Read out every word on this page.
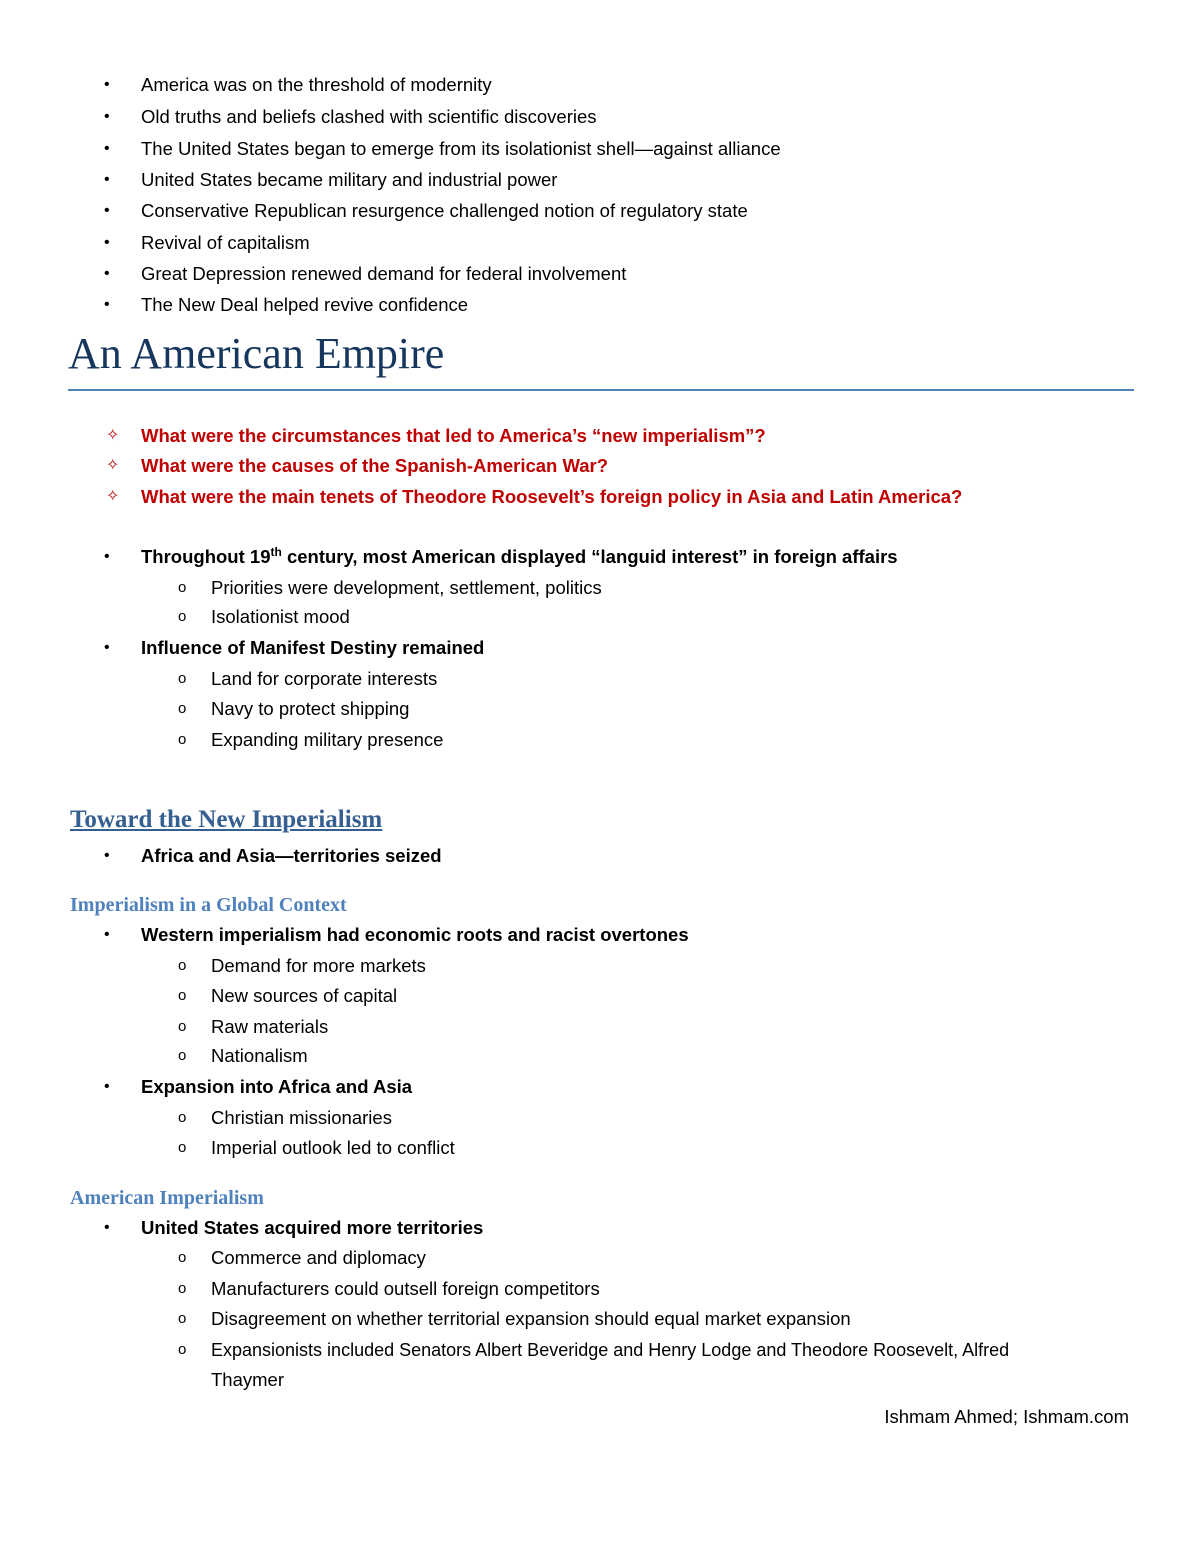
• America was on the threshold of modernity
• Old truths and beliefs clashed with scientific discoveries
• The United States began to emerge from its isolationist shell—against alliance
• United States became military and industrial power
• Conservative Republican resurgence challenged notion of regulatory state
• Revival of capitalism
• Great Depression renewed demand for federal involvement
• The New Deal helped revive confidence
An American Empire
✧ What were the circumstances that led to America’s “new imperialism”?
✧ What were the causes of the Spanish-American War?
✧ What were the main tenets of Theodore Roosevelt’s foreign policy in Asia and Latin America?
• Throughout 19th century, most American displayed “languid interest” in foreign affairs
o Priorities were development, settlement, politics
o Isolationist mood
• Influence of Manifest Destiny remained
o Land for corporate interests
o Navy to protect shipping
o Expanding military presence
Toward the New Imperialism
• Africa and Asia—territories seized
Imperialism in a Global Context
• Western imperialism had economic roots and racist overtones
o Demand for more markets
o New sources of capital
o Raw materials
o Nationalism
• Expansion into Africa and Asia
o Christian missionaries
o Imperial outlook led to conflict
American Imperialism
• United States acquired more territories
o Commerce and diplomacy
o Manufacturers could outsell foreign competitors
o Disagreement on whether territorial expansion should equal market expansion
o Expansionists included Senators Albert Beveridge and Henry Lodge and Theodore Roosevelt, Alfred
Thaymer
Ishmam Ahmed; Ishmam.com
